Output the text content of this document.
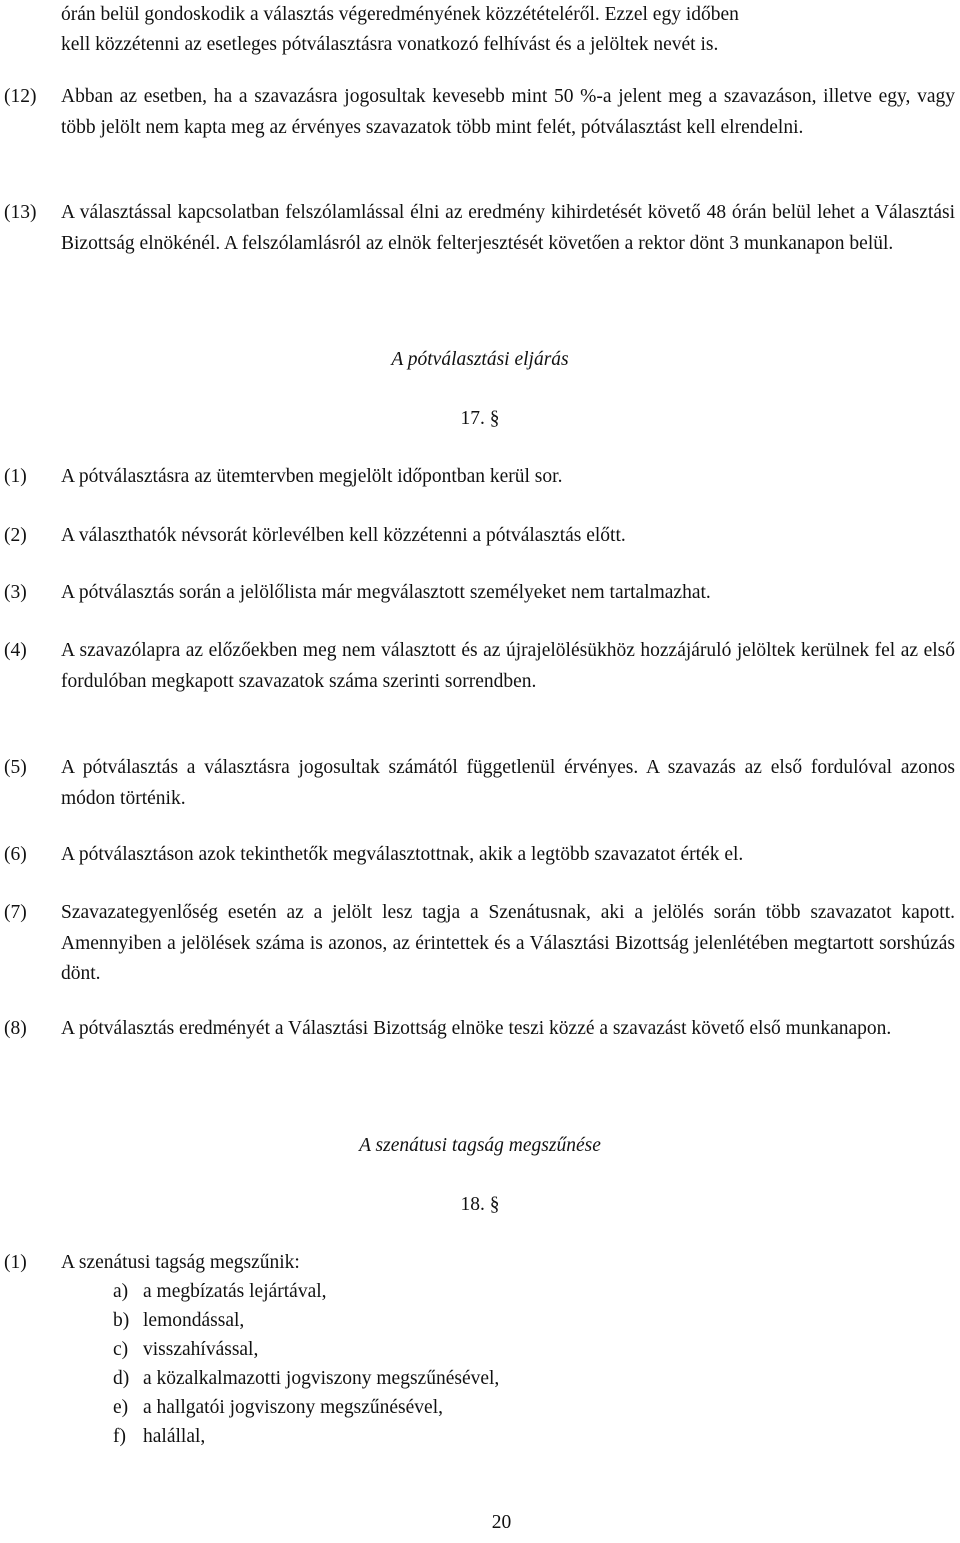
órán belül gondoskodik a választás végeredményének közzétételéről. Ezzel egy időben
kell közzétenni az esetleges pótválasztásra vonatkozó felhívást és a jelöltek nevét is.
(12) Abban az esetben, ha a szavazásra jogosultak kevesebb mint 50 %-a jelent meg a szavazáson, illetve egy, vagy több jelölt nem kapta meg az érvényes szavazatok több mint felét, pótválasztást kell elrendelni.
(13) A választással kapcsolatban felszólamlással élni az eredmény kihirdetését követő 48 órán belül lehet a Választási Bizottság elnökénél. A felszólamlásról az elnök felterjesztését követően a rektor dönt 3 munkanapon belül.
A pótválasztási eljárás
17. §
(1) A pótválasztásra az ütemtervben megjelölt időpontban kerül sor.
(2) A választhatók névsorát körlevélben kell közzétenni a pótválasztás előtt.
(3) A pótválasztás során a jelölőlista már megválasztott személyeket nem tartalmazhat.
(4) A szavazólapra az előzőekben meg nem választott és az újrajelölésükhöz hozzájáruló jelöltek kerülnek fel az első fordulóban megkapott szavazatok száma szerinti sorrendben.
(5) A pótválasztás a választásra jogosultak számától függetlenül érvényes. A szavazás az első fordulóval azonos módon történik.
(6) A pótválasztáson azok tekinthetők megválasztottnak, akik a legtöbb szavazatot érték el.
(7) Szavazategyenlőség esetén az a jelölt lesz tagja a Szenátusnak, aki a jelölés során több szavazatot kapott. Amennyiben a jelölések száma is azonos, az érintettek és a Választási Bizottság jelenlétében megtartott sorshúzás dönt.
(8) A pótválasztás eredményét a Választási Bizottság elnöke teszi közzé a szavazást követő első munkanapon.
A szenátusi tagság megszűnése
18. §
(1) A szenátusi tagság megszűnik:
a) a megbízatás lejártával,
b) lemondással,
c) visszahívással,
d) a közalkalmazotti jogviszony megszűnésével,
e) a hallgatói jogviszony megszűnésével,
f) halállal,
20
